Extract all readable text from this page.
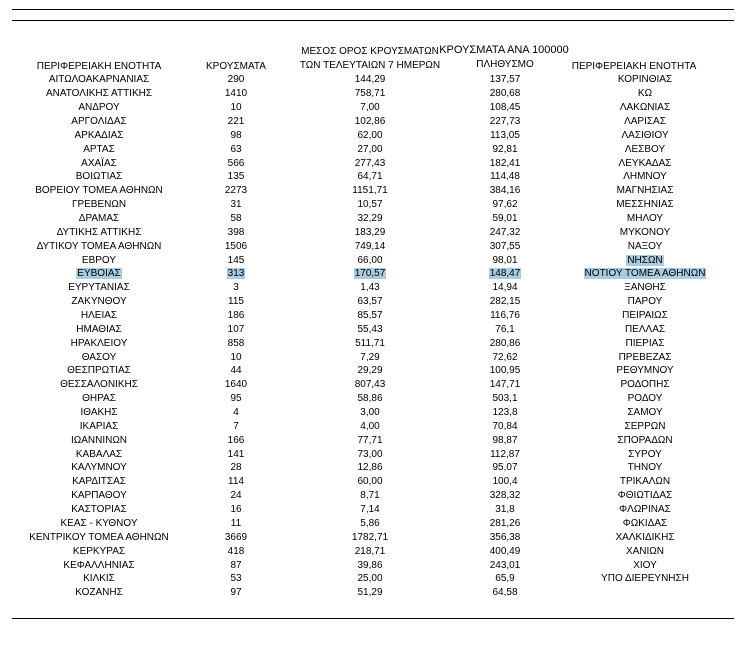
ΠΕΡΙΦΕΡΕΙΑΚΗ ΕΝΟΤΗΤΑ	ΚΡΟΥΣΜΑΤΑ
ΜΕΣΟΣ ΟΡΟΣ ΚΡΟΥΣΜΑΤΩΝ
ΤΩΝ ΤΕΛΕΥΤΑΙΩΝ 7 ΗΜΕΡΩΝ
ΚΡΟΥΣΜΑΤΑ ΑΝΑ 100000
ΠΛΗΘΥΣΜΟ	ΠΕΡΙΦΕΡΕΙΑΚΗ ΕΝΟΤΗΤΑ
ΑΙΤΩΛΟΑΚΑΡΝΑΝΙΑΣ	290	144,29	137,57	ΚΟΡΙΝΘΙΑΣ
ΑΝΑΤΟΛΙΚΗΣ ΑΤΤΙΚΗΣ	1410	758,71	280,68	ΚΩ
ΑΝΔΡΟΥ	10	7,00	108,45	ΛΑΚΩΝΙΑΣ
ΑΡΓΟΛΙΔΑΣ	221	102,86	227,73	ΛΑΡΙΣΑΣ
ΑΡΚΑΔΙΑΣ	98	62,00	113,05	ΛΑΣΙΘΙΟΥ
ΑΡΤΑΣ	63	27,00	92,81	ΛΕΣΒΟΥ
ΑΧΑΪΑΣ	566	277,43	182,41	ΛΕΥΚΑΔΑΣ
ΒΟΙΩΤΙΑΣ	135	64,71	114,48	ΛΗΜΝΟΥ
ΒΟΡΕΙΟΥ ΤΟΜΕΑ ΑΘΗΝΩΝ	2273	1151,71	384,16	ΜΑΓΝΗΣΙΑΣ
ΓΡΕΒΕΝΩΝ	31	10,57	97,62	ΜΕΣΣΗΝΙΑΣ
ΔΡΑΜΑΣ	58	32,29	59,01	ΜΗΛΟΥ
ΔΥΤΙΚΗΣ ΑΤΤΙΚΗΣ	398	183,29	247,32	ΜΥΚΟΝΟΥ
ΔΥΤΙΚΟΥ ΤΟΜΕΑ ΑΘΗΝΩΝ	1506	749,14	307,55	ΝΑΞΟΥ
ΕΒΡΟΥ	145	66,00	98,01	ΝΗΣΩΝ
ΕΥΒΟΙΑΣ	313	170,57	148,47	ΝΟΤΙΟΥ ΤΟΜΕΑ ΑΘΗΝΩΝ
ΕΥΡΥΤΑΝΙΑΣ	3	1,43	14,94	ΞΑΝΘΗΣ
ΖΑΚΥΝΘΟΥ	115	63,57	282,15	ΠΑΡΟΥ
ΗΛΕΙΑΣ	186	85,57	116,76	ΠΕΙΡΑΙΩΣ
ΗΜΑΘΙΑΣ	107	55,43	76,1	ΠΕΛΛΑΣ
ΗΡΑΚΛΕΙΟΥ	858	511,71	280,86	ΠΙΕΡΙΑΣ
ΘΑΣΟΥ	10	7,29	72,62	ΠΡΕΒΕΖΑΣ
ΘΕΣΠΡΩΤΙΑΣ	44	29,29	100,95	ΡΕΘΥΜΝΟΥ
ΘΕΣΣΑΛΟΝΙΚΗΣ	1640	807,43	147,71	ΡΟΔΟΠΗΣ
ΘΗΡΑΣ	95	58,86	503,1	ΡΟΔΟΥ
ΙΘΑΚΗΣ	4	3,00	123,8	ΣΑΜΟΥ
ΙΚΑΡΙΑΣ	7	4,00	70,84	ΣΕΡΡΩΝ
ΙΩΑΝΝΙΝΩΝ	166	77,71	98,87	ΣΠΟΡΑΔΩΝ
ΚΑΒΑΛΑΣ	141	73,00	112,87	ΣΥΡΟΥ
ΚΑΛΥΜΝΟΥ	28	12,86	95,07	ΤΗΝΟΥ
ΚΑΡΔΙΤΣΑΣ	114	60,00	100,4	ΤΡΙΚΑΛΩΝ
ΚΑΡΠΑΘΟΥ	24	8,71	328,32	ΦΘΙΩΤΙΔΑΣ
ΚΑΣΤΟΡΙΑΣ	16	7,14	31,8	ΦΛΩΡΙΝΑΣ
ΚΕΑΣ - ΚΥΘΝΟΥ	11	5,86	281,26	ΦΩΚΙΔΑΣ
ΚΕΝΤΡΙΚΟΥ ΤΟΜΕΑ ΑΘΗΝΩΝ	3669	1782,71	356,38	ΧΑΛΚΙΔΙΚΗΣ
ΚΕΡΚΥΡΑΣ	418	218,71	400,49	ΧΑΝΙΩΝ
ΚΕΦΑΛΛΗΝΙΑΣ	87	39,86	243,01	ΧΙΟΥ
ΚΙΛΚΙΣ	53	25,00	65,9	ΥΠΟ ΔΙΕΡΕΥΝΗΣΗ
ΚΟΖΑΝΗΣ	97	51,29	64,58	
